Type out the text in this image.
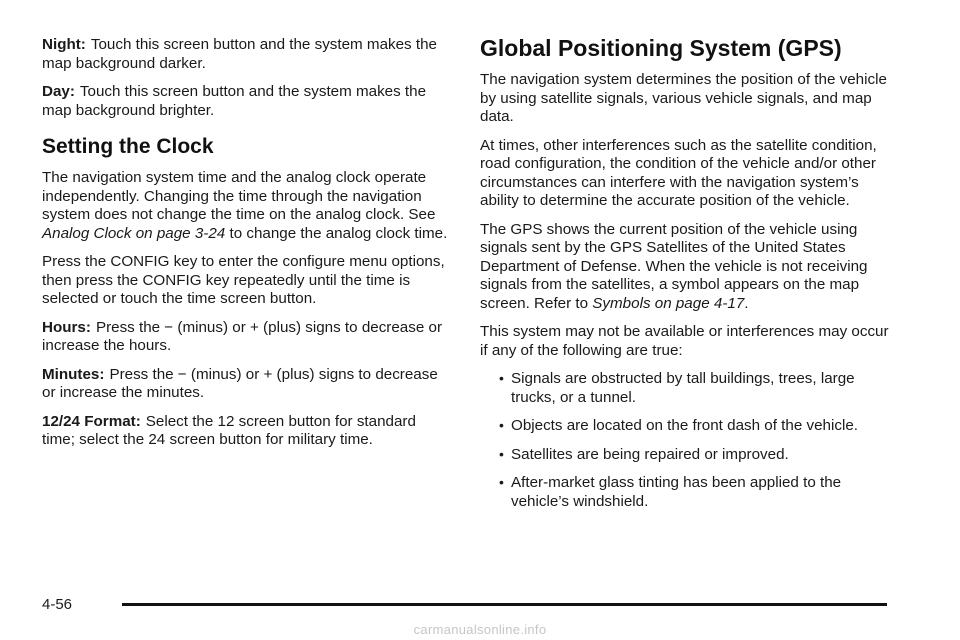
Night: Touch this screen button and the system makes the map background darker.

Day: Touch this screen button and the system makes the map background brighter.

Setting the Clock

The navigation system time and the analog clock operate independently. Changing the time through the navigation system does not change the time on the analog clock. See Analog Clock on page 3-24 to change the analog clock time.

Press the CONFIG key to enter the configure menu options, then press the CONFIG key repeatedly until the time is selected or touch the time screen button.

Hours: Press the − (minus) or + (plus) signs to decrease or increase the hours.

Minutes: Press the − (minus) or + (plus) signs to decrease or increase the minutes.

12/24 Format: Select the 12 screen button for standard time; select the 24 screen button for military time.

Global Positioning System (GPS)

The navigation system determines the position of the vehicle by using satellite signals, various vehicle signals, and map data.

At times, other interferences such as the satellite condition, road configuration, the condition of the vehicle and/or other circumstances can interfere with the navigation system’s ability to determine the accurate position of the vehicle.

The GPS shows the current position of the vehicle using signals sent by the GPS Satellites of the United States Department of Defense. When the vehicle is not receiving signals from the satellites, a symbol appears on the map screen. Refer to Symbols on page 4-17.

This system may not be available or interferences may occur if any of the following are true:

• Signals are obstructed by tall buildings, trees, large trucks, or a tunnel.
• Objects are located on the front dash of the vehicle.
• Satellites are being repaired or improved.
• After-market glass tinting has been applied to the vehicle’s windshield.
4-56
carmanualsonline.info
